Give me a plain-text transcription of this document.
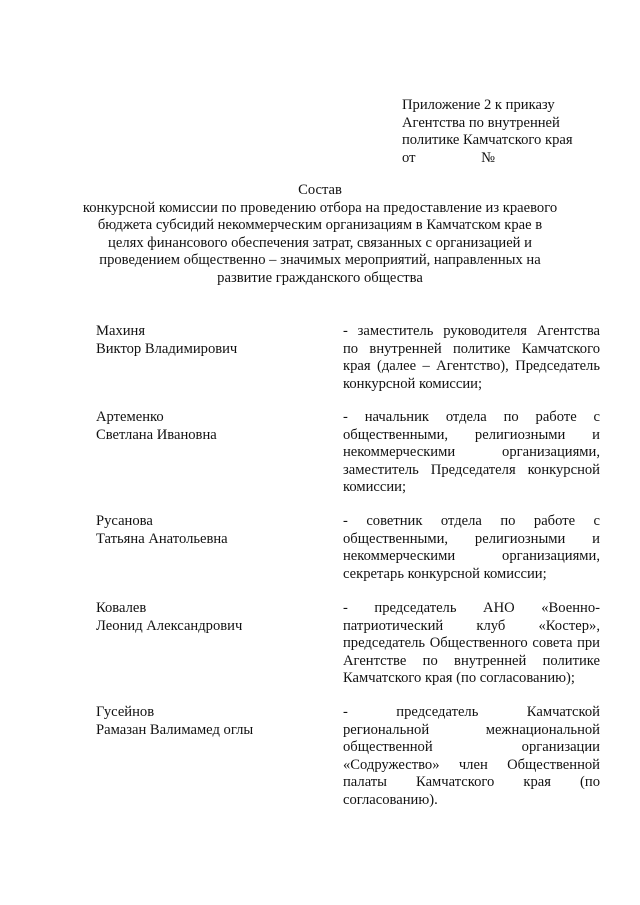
Приложение 2 к приказу
Агентства по внутренней
политике Камчатского края
от                  №
Состав
конкурсной комиссии по проведению отбора на предоставление из краевого бюджета субсидий некоммерческим организациям в Камчатском крае в целях финансового обеспечения затрат, связанных с организацией и проведением общественно – значимых мероприятий, направленных на развитие гражданского общества
Махиня
Виктор Владимирович
- заместитель руководителя Агентства по внутренней политике Камчатского края (далее – Агентство), Председатель конкурсной комиссии;
Артеменко
Светлана Ивановна
- начальник отдела по работе с общественными, религиозными и некоммерческими организациями, заместитель Председателя конкурсной комиссии;
Русанова
Татьяна Анатольевна
- советник отдела по работе с общественными, религиозными и некоммерческими организациями, секретарь конкурсной комиссии;
Ковалев
Леонид Александрович
- председатель АНО «Военно-патриотический клуб «Костер», председатель Общественного совета при Агентстве по внутренней политике Камчатского края (по согласованию);
Гусейнов
Рамазан Валимамед оглы
- председатель Камчатской региональной межнациональной общественной организации «Содружество» член Общественной палаты Камчатского края (по согласованию).
